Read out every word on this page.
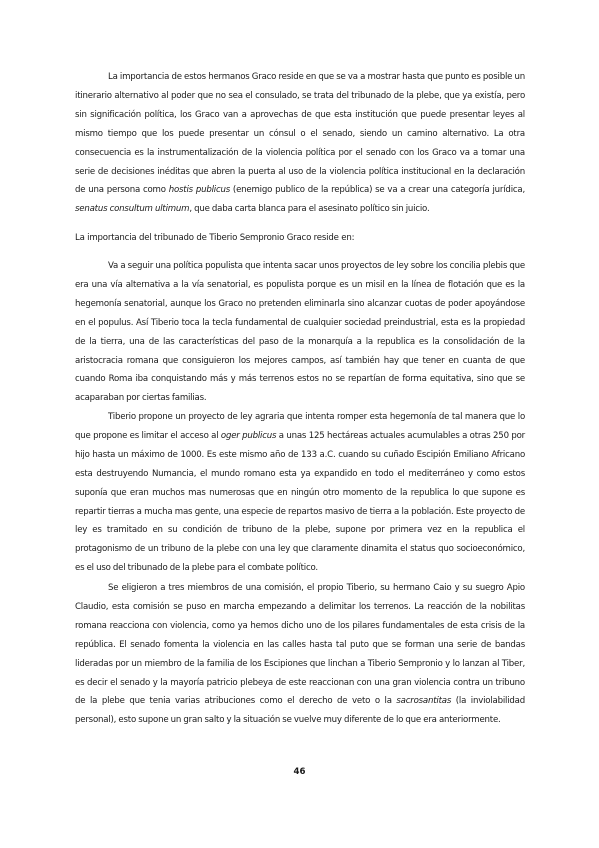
La importancia de estos hermanos Graco reside en que se va a mostrar hasta que punto es posible un itinerario alternativo al poder que no sea el consulado, se trata del tribunado de la plebe, que ya existía, pero sin significación política, los Graco van a aprovechas de que esta institución que puede presentar leyes al mismo tiempo que los puede presentar un cónsul o el senado, siendo un camino alternativo. La otra consecuencia es la instrumentalización de la violencia política por el senado con los Graco va a tomar una serie de decisiones inéditas que abren la puerta al uso de la violencia política institucional en la declaración de una persona como hostis publicus (enemigo publico de la república) se va a crear una categoría jurídica, senatus consultum ultimum, que daba carta blanca para el asesinato político sin juicio.

La importancia del tribunado de Tiberio Sempronio Graco reside en:

Va a seguir una política populista que intenta sacar unos proyectos de ley sobre los concilia plebis que era una vía alternativa a la vía senatorial, es populista porque es un misil en la línea de flotación que es la hegemonía senatorial, aunque los Graco no pretenden eliminarla sino alcanzar cuotas de poder apoyándose en el populus. Así Tiberio toca la tecla fundamental de cualquier sociedad preindustrial, esta es la propiedad de la tierra, una de las características del paso de la monarquía a la republica es la consolidación de la aristocracia romana que consiguieron los mejores campos, así también hay que tener en cuanta de que cuando Roma iba conquistando más y más terrenos estos no se repartían de forma equitativa, sino que se acaparaban por ciertas familias.

Tiberio propone un proyecto de ley agraria que intenta romper esta hegemonía de tal manera que lo que propone es limitar el acceso al oger publicus a unas 125 hectáreas actuales acumulables a otras 250 por hijo hasta un máximo de 1000. Es este mismo año de 133 a.C. cuando su cuñado Escipión Emiliano Africano esta destruyendo Numancia, el mundo romano esta ya expandido en todo el mediterráneo y como estos suponía que eran muchos mas numerosas que en ningún otro momento de la republica lo que supone es repartir tierras a mucha mas gente, una especie de repartos masivo de tierra a la población. Este proyecto de ley es tramitado en su condición de tribuno de la plebe, supone por primera vez en la republica el protagonismo de un tribuno de la plebe con una ley que claramente dinamita el status quo socioeconómico, es el uso del tribunado de la plebe para el combate político.

Se eligieron a tres miembros de una comisión, el propio Tiberio, su hermano Caio y su suegro Apio Claudio, esta comisión se puso en marcha empezando a delimitar los terrenos. La reacción de la nobilitas romana reacciona con violencia, como ya hemos dicho uno de los pilares fundamentales de esta crisis de la república. El senado fomenta la violencia en las calles hasta tal puto que se forman una serie de bandas lideradas por un miembro de la familia de los Escipiones que linchan a Tiberio Sempronio y lo lanzan al Tiber, es decir el senado y la mayoría patricio plebeya de este reaccionan con una gran violencia contra un tribuno de la plebe que tenia varias atribuciones como el derecho de veto o la sacrosantitas (la inviolabilidad personal), esto supone un gran salto y la situación se vuelve muy diferente de lo que era anteriormente.

46
